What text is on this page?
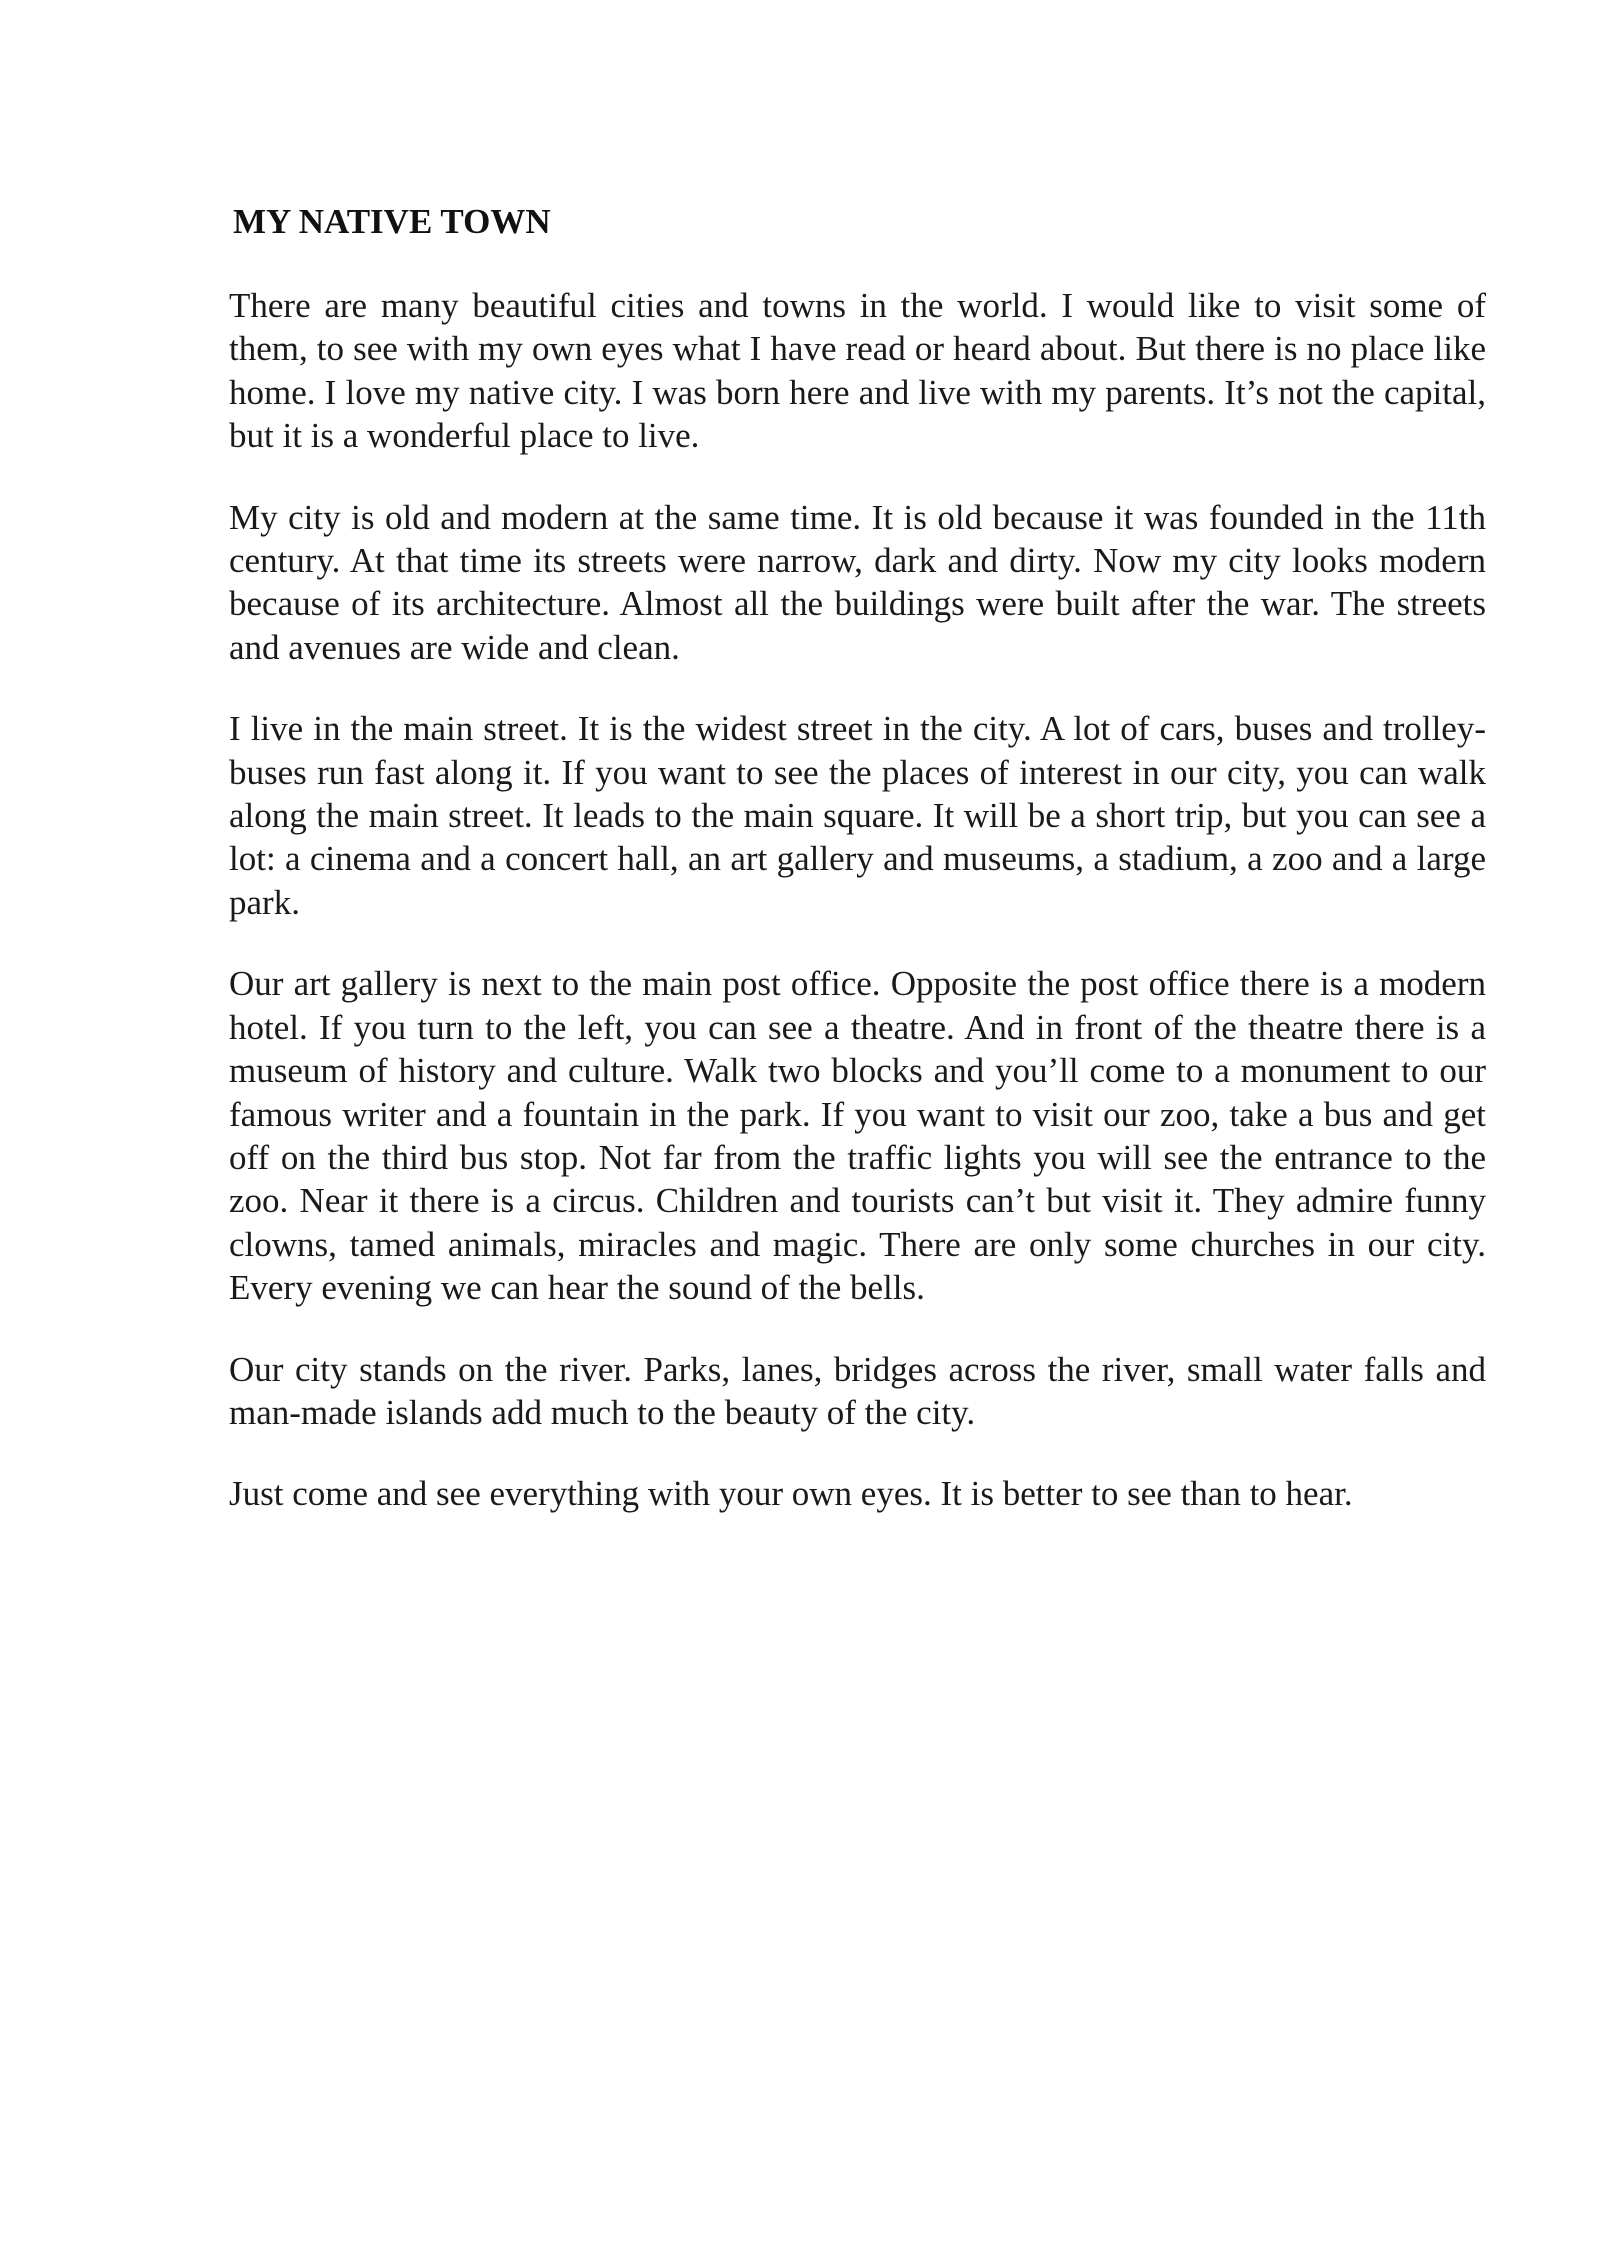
MY NATIVE TOWN

There are many beautiful cities and towns in the world. I would like to visit some of them, to see with my own eyes what I have read or heard about. But there is no place like home. I love my native city. I was born here and live with my parents. It’s not the capital, but it is a wonderful place to live.

My city is old and modern at the same time. It is old because it was founded in the 11th century. At that time its streets were narrow, dark and dirty. Now my city looks modern because of its architecture. Almost all the buildings were built after the war. The streets and avenues are wide and clean.

I live in the main street. It is the widest street in the city. A lot of cars, buses and trolley-buses run fast along it. If you want to see the places of interest in our city, you can walk along the main street. It leads to the main square. It will be a short trip, but you can see a lot: a cinema and a concert hall, an art gallery and museums, a stadium, a zoo and a large park.

Our art gallery is next to the main post office. Opposite the post office there is a modern hotel. If you turn to the left, you can see a theatre. And in front of the theatre there is a museum of history and culture. Walk two blocks and you’ll come to a monument to our famous writer and a fountain in the park. If you want to visit our zoo, take a bus and get off on the third bus stop. Not far from the traffic lights you will see the entrance to the zoo. Near it there is a circus. Children and tourists can’t but visit it. They admire funny clowns, tamed animals, miracles and magic. There are only some churches in our city. Every evening we can hear the sound of the bells.

Our city stands on the river. Parks, lanes, bridges across the river, small water falls and man-made islands add much to the beauty of the city.

Just come and see everything with your own eyes. It is better to see than to hear.
